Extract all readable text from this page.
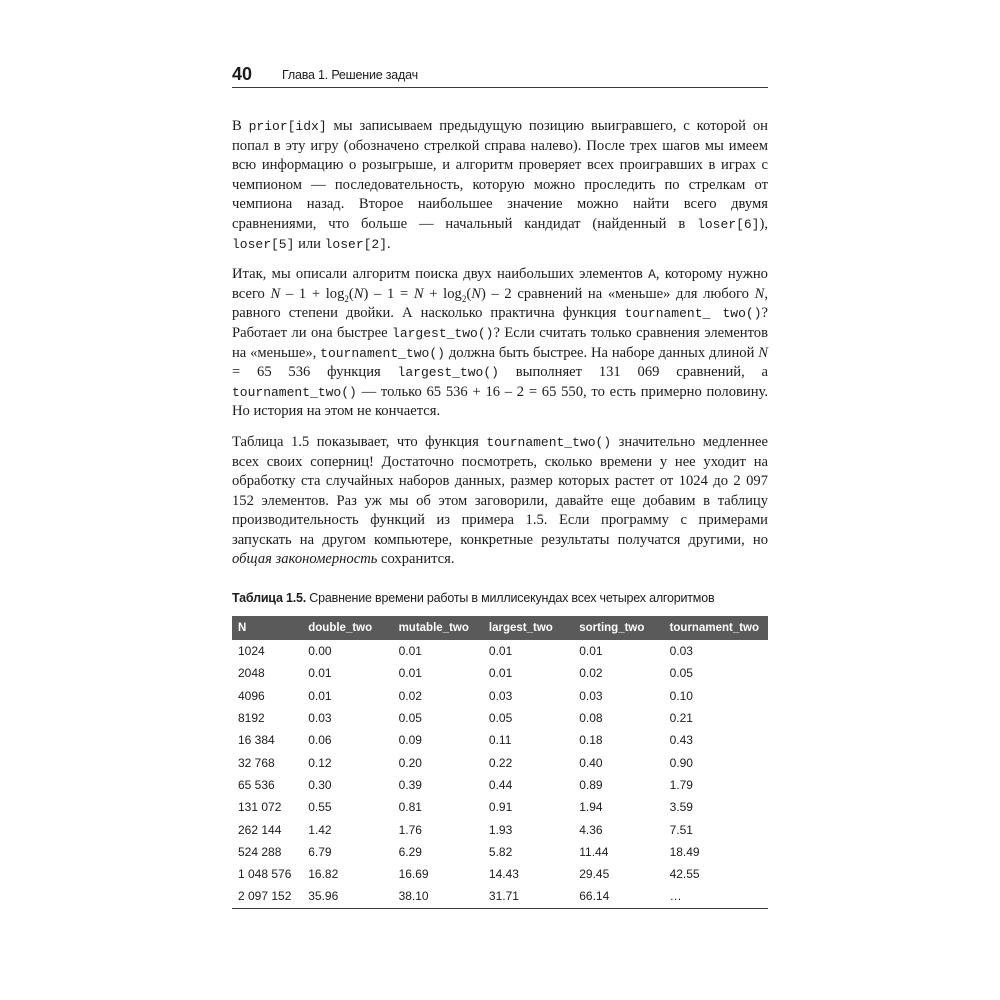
40 Глава 1. Решение задач

В prior[idx] мы записываем предыдущую позицию выигравшего, с которой он попал в эту игру (обозначено стрелкой справа налево). После трех шагов мы имеем всю информацию о розыгрыше, и алгоритм проверяет всех проигравших в играх с чемпионом — последовательность, которую можно проследить по стрелкам от чемпиона назад. Второе наибольшее значение можно найти всего двумя сравнениями, что больше — начальный кандидат (найденный в loser[6]), loser[5] или loser[2].

Итак, мы описали алгоритм поиска двух наибольших элементов A, которому нужно всего $N - 1 + \log_2(N) - 1 = N + \log_2(N) - 2$ сравнений на «меньше» для любого N, равного степени двойки. А насколько практична функция tournament_ two()? Работает ли она быстрее largest_two()? Если считать только сравнения элементов на «меньше», tournament_two() должна быть быстрее. На наборе данных длиной N = 65 536 функция largest_two() выполняет 131 069 сравнений, а tournament_two() — только 65 536 + 16 – 2 = 65 550, то есть примерно половину. Но история на этом не кончается.

Таблица 1.5 показывает, что функция tournament_two() значительно медленнее всех своих соперниц! Достаточно посмотреть, сколько времени у нее уходит на обработку ста случайных наборов данных, размер которых растет от 1024 до 2 097 152 элементов. Раз уж мы об этом заговорили, давайте еще добавим в таблицу производительность функций из примера 1.5. Если программу с примерами запускать на другом компьютере, конкретные результаты получатся другими, но общая закономерность сохранится.

Таблица 1.5. Сравнение времени работы в миллисекундах всех четырех алгоритмов
N	double_two	mutable_two	largest_two	sorting_two	tournament_two
1024	0.00	0.01	0.01	0.01	0.03
2048	0.01	0.01	0.01	0.02	0.05
4096	0.01	0.02	0.03	0.03	0.10
8192	0.03	0.05	0.05	0.08	0.21
16 384	0.06	0.09	0.11	0.18	0.43
32 768	0.12	0.20	0.22	0.40	0.90
65 536	0.30	0.39	0.44	0.89	1.79
131 072	0.55	0.81	0.91	1.94	3.59
262 144	1.42	1.76	1.93	4.36	7.51
524 288	6.79	6.29	5.82	11.44	18.49
1 048 576	16.82	16.69	14.43	29.45	42.55
2 097 152	35.96	38.10	31.71	66.14	…
